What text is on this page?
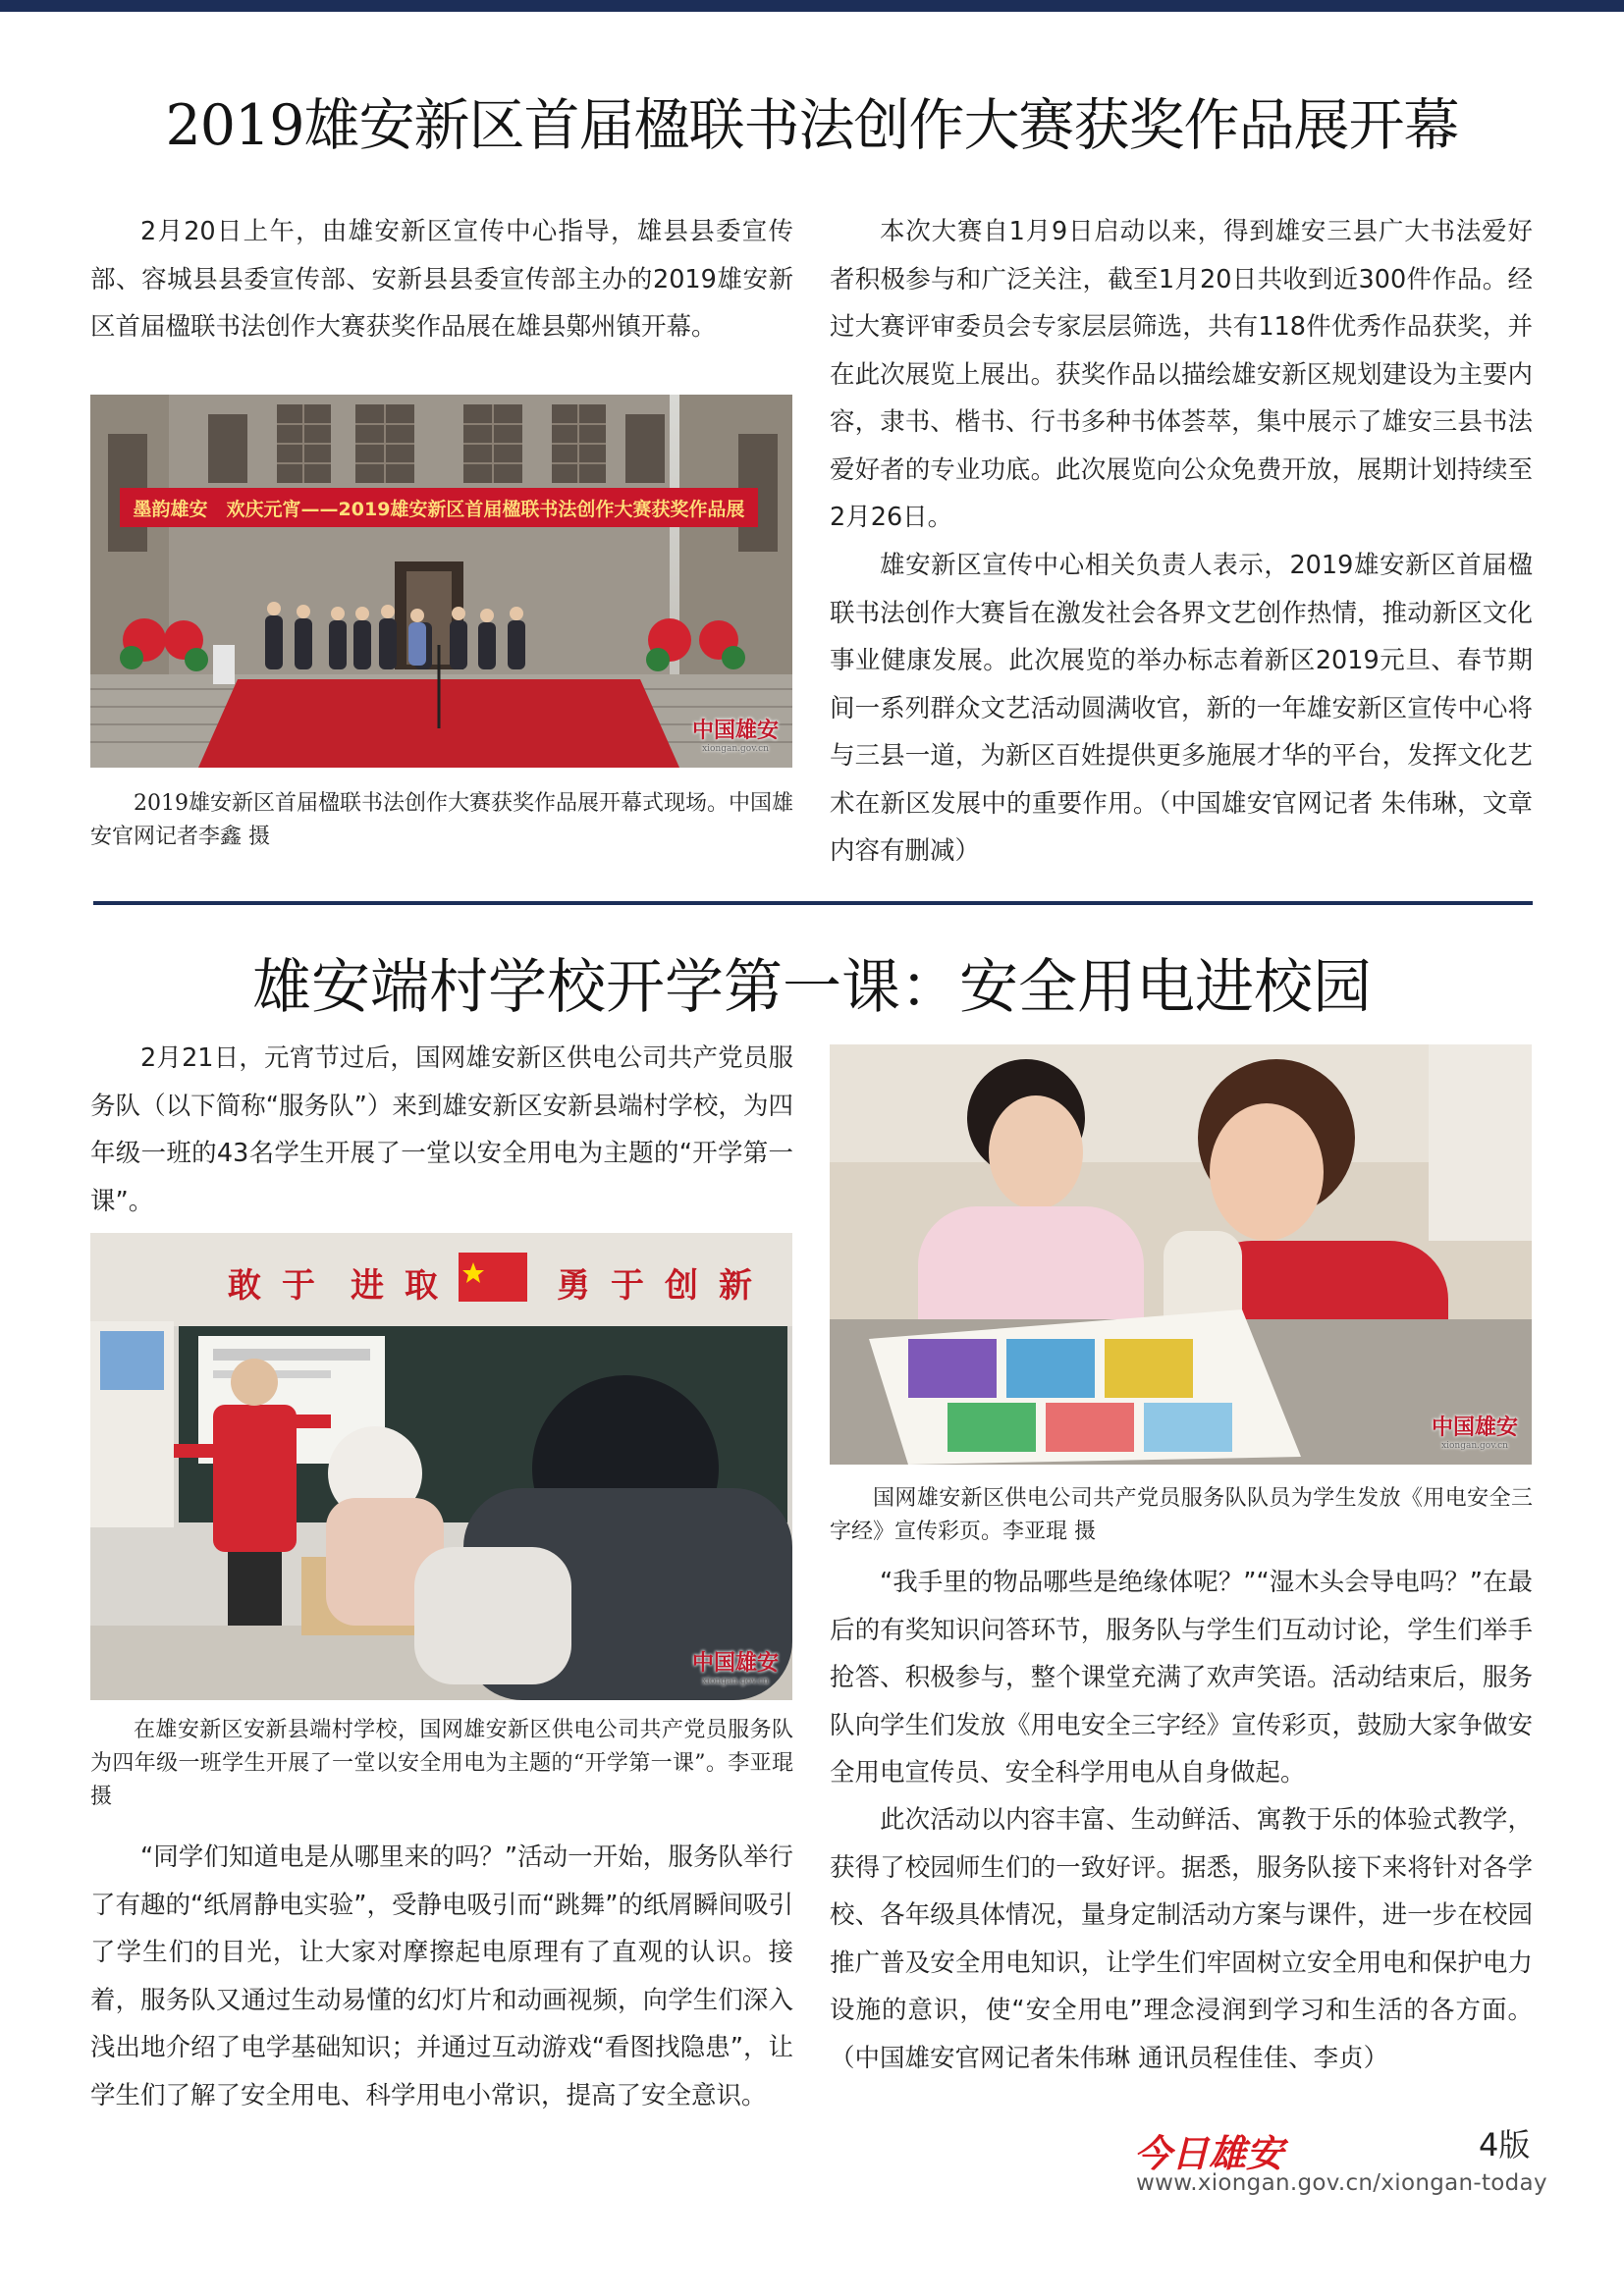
2019雄安新区首届楹联书法创作大赛获奖作品展开幕

2月20日上午，由雄安新区宣传中心指导，雄县县委宣传部、容城县县委宣传部、安新县县委宣传部主办的2019雄安新区首届楹联书法创作大赛获奖作品展在雄县鄚州镇开幕。

墨韵雄安　欢庆元宵——2019雄安新区首届楹联书法创作大赛获奖作品展
中国雄安
xiongan.gov.cn

2019雄安新区首届楹联书法创作大赛获奖作品展开幕式现场。中国雄安官网记者李鑫 摄

本次大赛自1月9日启动以来，得到雄安三县广大书法爱好者积极参与和广泛关注，截至1月20日共收到近300件作品。经过大赛评审委员会专家层层筛选，共有118件优秀作品获奖，并在此次展览上展出。获奖作品以描绘雄安新区规划建设为主要内容，隶书、楷书、行书多种书体荟萃，集中展示了雄安三县书法爱好者的专业功底。此次展览向公众免费开放，展期计划持续至2月26日。

雄安新区宣传中心相关负责人表示，2019雄安新区首届楹联书法创作大赛旨在激发社会各界文艺创作热情，推动新区文化事业健康发展。此次展览的举办标志着新区2019元旦、春节期间一系列群众文艺活动圆满收官，新的一年雄安新区宣传中心将与三县一道，为新区百姓提供更多施展才华的平台，发挥文化艺术在新区发展中的重要作用。（中国雄安官网记者 朱伟琳，文章内容有删减）

雄安端村学校开学第一课：安全用电进校园

2月21日，元宵节过后，国网雄安新区供电公司共产党员服务队（以下简称“服务队”）来到雄安新区安新县端村学校，为四年级一班的43名学生开展了一堂以安全用电为主题的“开学第一课”。

敢 于 进 取	勇 于 创 新
中国雄安
xiongan.gov.cn

在雄安新区安新县端村学校，国网雄安新区供电公司共产党员服务队为四年级一班学生开展了一堂以安全用电为主题的“开学第一课”。李亚琨 摄

“同学们知道电是从哪里来的吗？”活动一开始，服务队举行了有趣的“纸屑静电实验”，受静电吸引而“跳舞”的纸屑瞬间吸引了学生们的目光，让大家对摩擦起电原理有了直观的认识。接着，服务队又通过生动易懂的幻灯片和动画视频，向学生们深入浅出地介绍了电学基础知识；并通过互动游戏“看图找隐患”，让学生们了解了安全用电、科学用电小常识，提高了安全意识。

中国雄安
xiongan.gov.cn

国网雄安新区供电公司共产党员服务队队员为学生发放《用电安全三字经》宣传彩页。李亚琨 摄

“我手里的物品哪些是绝缘体呢？”“湿木头会导电吗？”在最后的有奖知识问答环节，服务队与学生们互动讨论，学生们举手抢答、积极参与，整个课堂充满了欢声笑语。活动结束后，服务队向学生们发放《用电安全三字经》宣传彩页，鼓励大家争做安全用电宣传员、安全科学用电从自身做起。

此次活动以内容丰富、生动鲜活、寓教于乐的体验式教学，获得了校园师生们的一致好评。据悉，服务队接下来将针对各学校、各年级具体情况，量身定制活动方案与课件，进一步在校园推广普及安全用电知识，让学生们牢固树立安全用电和保护电力设施的意识，使“安全用电”理念浸润到学习和生活的各方面。（中国雄安官网记者朱伟琳 通讯员程佳佳、李贞）

今日雄安	4版
www.xiongan.gov.cn/xiongan-today
